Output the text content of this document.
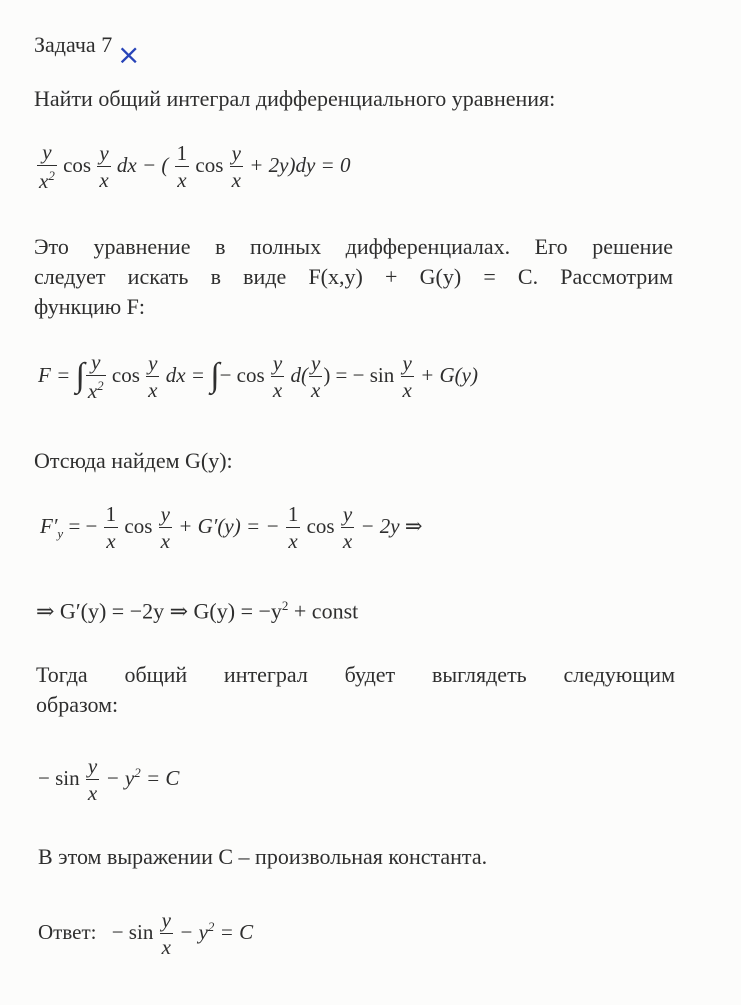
Задача 7 ×
Найти общий интеграл дифференциального уравнения:
$\frac{y}{x^2}$ $\cos \frac{y}{x}$ dx − ( $\frac{1}{x}$ $\cos \frac{y}{x} + 2y)dy = 0$
Это уравнение в полных дифференциалах. Его решение
следует искать в виде F(x,y) + G(y) = C. Рассмотрим
функцию F:
F = ∫ $\frac{y}{x^2}$ $\cos \frac{y}{x}$ dx = ∫− $\cos \frac{y}{x} d( \frac{y}{x}$ ) = − $\sin \frac{y}{x} + G(y)$
Отсюда найдем G(y):
$F'_y$ = − $\frac{1}{x}$ $\cos \frac{y}{x} + G'(y)$ = − $\frac{1}{x}$ $\cos \frac{y}{x} - 2y$ ⇒
⇒ G′(y) = −2y ⇒ $G(y) = -y^2$ + const
Тогда общий интеграл будет выглядеть следующим
образом:
− $\sin \frac{y}{x} - y^2 = C$
В этом выражении С – произвольная константа.
Ответ: − $\sin \frac{y}{x} - y^2 = C$
